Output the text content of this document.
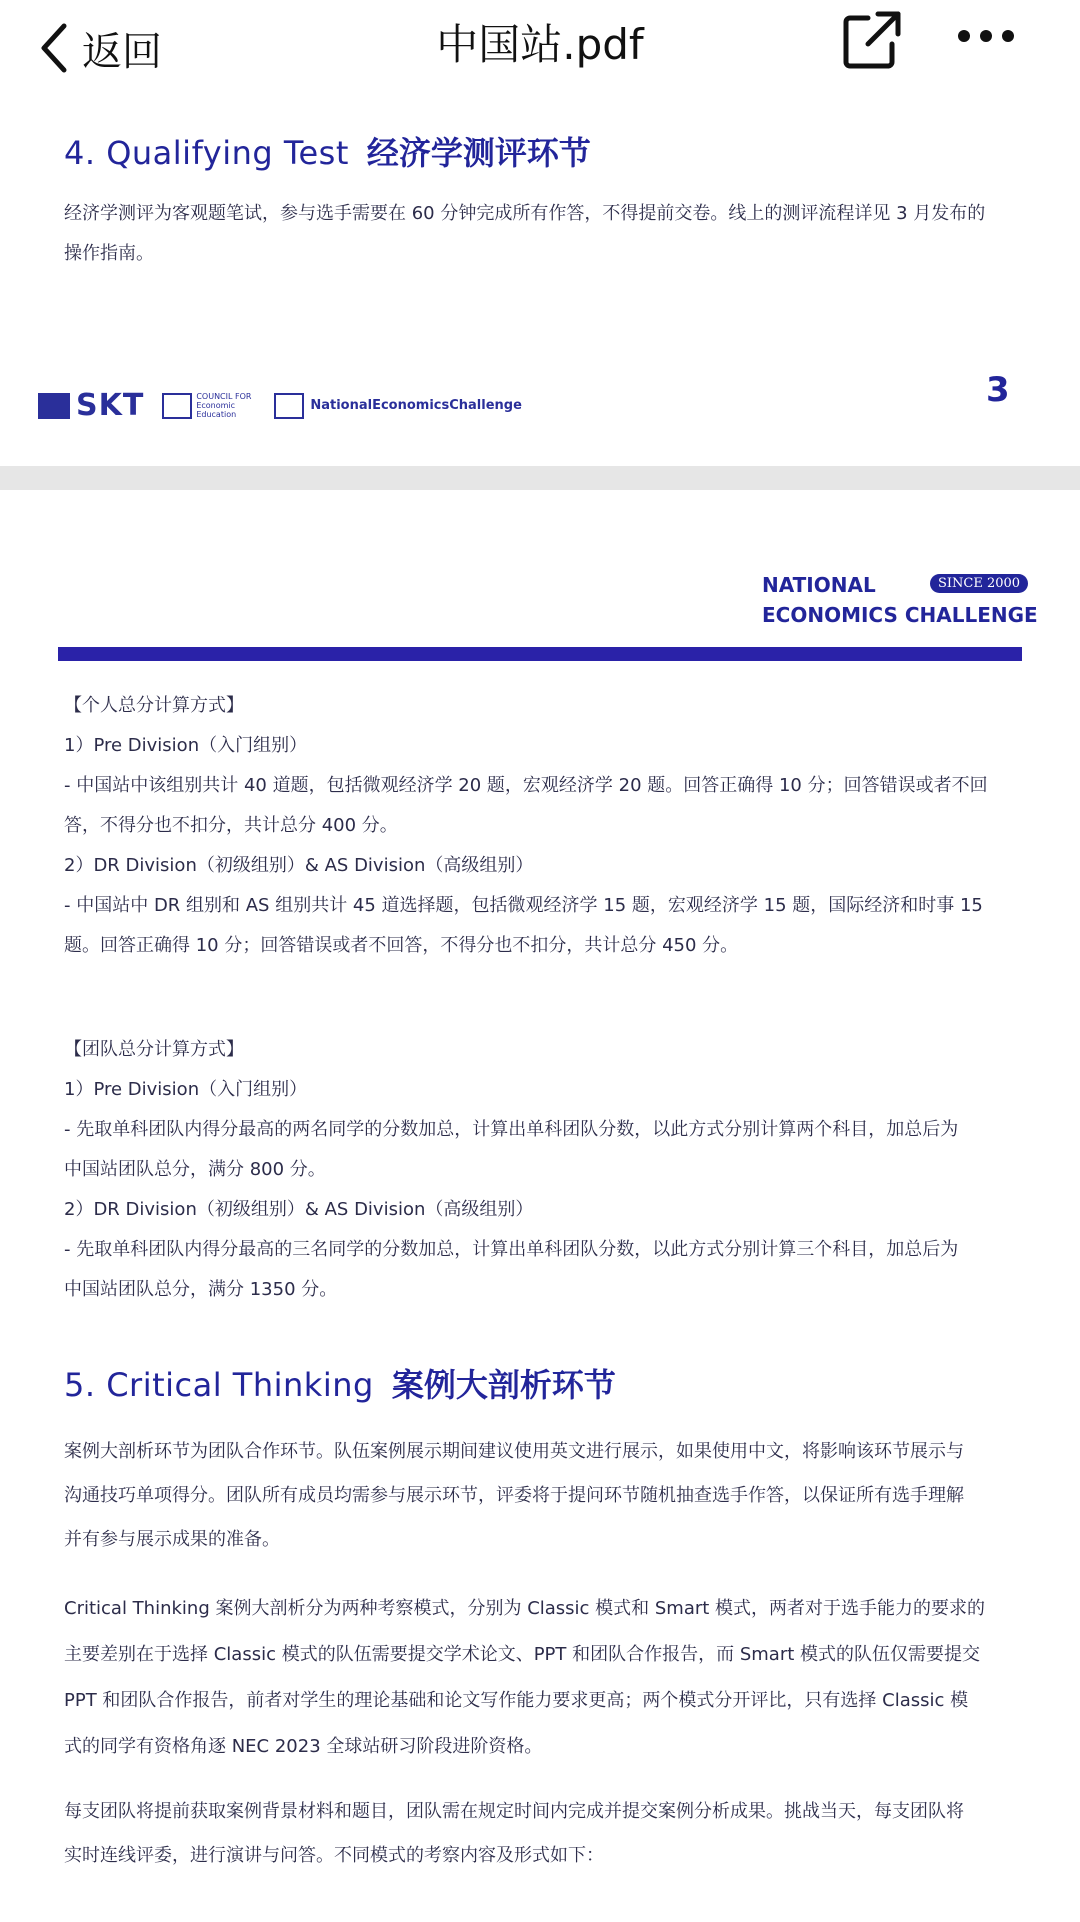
返回	中国站.pdf
4. Qualifying Test 经济学测评环节
经济学测评为客观题笔试，参与选手需要在 60 分钟完成所有作答，不得提前交卷。线上的测评流程详见 3 月发布的
操作指南。
SKT	COUNCIL FOR Economic Education
NationalEconomicsChallenge	3
NATIONAL
ECONOMICS CHALLENGE
SINCE 2000
【个人总分计算方式】
1）Pre Division（入门组别）
- 中国站中该组别共计 40 道题，包括微观经济学 20 题，宏观经济学 20 题。回答正确得 10 分；回答错误或者不回
答，不得分也不扣分，共计总分 400 分。
2）DR Division（初级组别）& AS Division（高级组别）
- 中国站中 DR 组别和 AS 组别共计 45 道选择题，包括微观经济学 15 题，宏观经济学 15 题，国际经济和时事 15
题。回答正确得 10 分；回答错误或者不回答，不得分也不扣分，共计总分 450 分。
【团队总分计算方式】
1）Pre Division（入门组别）
- 先取单科团队内得分最高的两名同学的分数加总，计算出单科团队分数，以此方式分别计算两个科目，加总后为
中国站团队总分，满分 800 分。
2）DR Division（初级组别）& AS Division（高级组别）
- 先取单科团队内得分最高的三名同学的分数加总，计算出单科团队分数，以此方式分别计算三个科目，加总后为
中国站团队总分，满分 1350 分。
5. Critical Thinking 案例大剖析环节
案例大剖析环节为团队合作环节。队伍案例展示期间建议使用英文进行展示，如果使用中文，将影响该环节展示与
沟通技巧单项得分。团队所有成员均需参与展示环节，评委将于提问环节随机抽查选手作答，以保证所有选手理解
并有参与展示成果的准备。
Critical Thinking 案例大剖析分为两种考察模式，分别为 Classic 模式和 Smart 模式，两者对于选手能力的要求的
主要差别在于选择 Classic 模式的队伍需要提交学术论文、PPT 和团队合作报告，而 Smart 模式的队伍仅需要提交
PPT 和团队合作报告，前者对学生的理论基础和论文写作能力要求更高；两个模式分开评比，只有选择 Classic 模
式的同学有资格角逐 NEC 2023 全球站研习阶段进阶资格。
每支团队将提前获取案例背景材料和题目，团队需在规定时间内完成并提交案例分析成果。挑战当天，每支团队将
实时连线评委，进行演讲与问答。不同模式的考察内容及形式如下：
